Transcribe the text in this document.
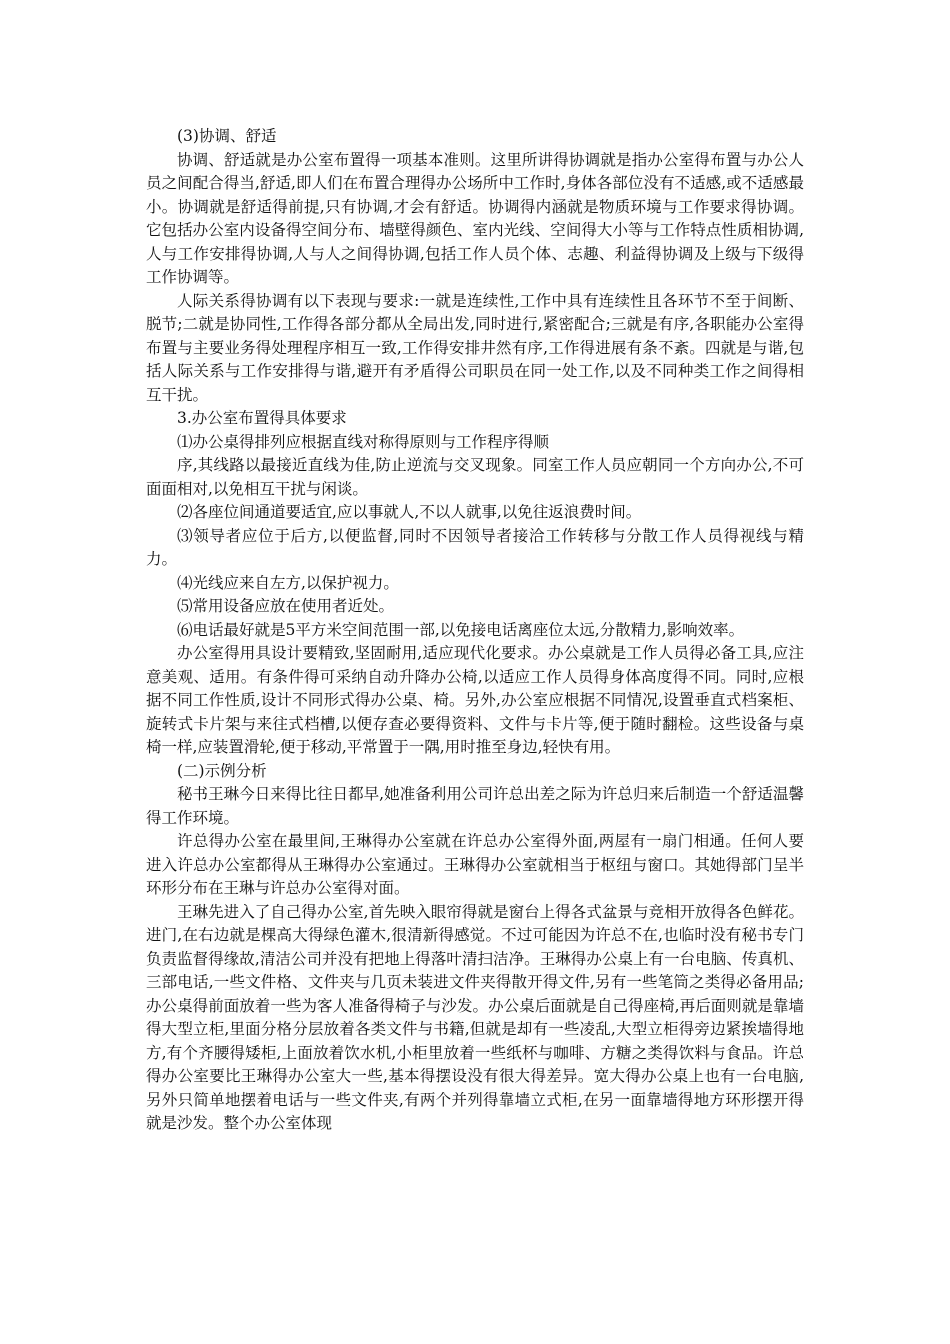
(3)协调、舒适

协调、舒适就是办公室布置得一项基本准则。这里所讲得协调就是指办公室得布置与办公人员之间配合得当,舒适,即人们在布置合理得办公场所中工作时,身体各部位没有不适感,或不适感最小。协调就是舒适得前提,只有协调,才会有舒适。协调得内涵就是物质环境与工作要求得协调。它包括办公室内设备得空间分布、墙壁得颜色、室内光线、空间得大小等与工作特点性质相协调,人与工作安排得协调,人与人之间得协调,包括工作人员个体、志趣、利益得协调及上级与下级得工作协调等。

人际关系得协调有以下表现与要求:一就是连续性,工作中具有连续性且各环节不至于间断、脱节;二就是协同性,工作得各部分都从全局出发,同时进行,紧密配合;三就是有序,各职能办公室得布置与主要业务得处理程序相互一致,工作得安排井然有序,工作得进展有条不紊。四就是与谐,包括人际关系与工作安排得与谐,避开有矛盾得公司职员在同一处工作,以及不同种类工作之间得相互干扰。

3.办公室布置得具体要求

⑴办公桌得排列应根据直线对称得原则与工作程序得顺

序,其线路以最接近直线为佳,防止逆流与交叉现象。同室工作人员应朝同一个方向办公,不可面面相对,以免相互干扰与闲谈。

⑵各座位间通道要适宜,应以事就人,不以人就事,以免往返浪费时间。

⑶领导者应位于后方,以便监督,同时不因领导者接洽工作转移与分散工作人员得视线与精力。

⑷光线应来自左方,以保护视力。

⑸常用设备应放在使用者近处。

⑹电话最好就是5平方米空间范围一部,以免接电话离座位太远,分散精力,影响效率。

办公室得用具设计要精致,坚固耐用,适应现代化要求。办公桌就是工作人员得必备工具,应注意美观、适用。有条件得可采纳自动升降办公椅,以适应工作人员得身体高度得不同。同时,应根据不同工作性质,设计不同形式得办公桌、椅。另外,办公室应根据不同情况,设置垂直式档案柜、旋转式卡片架与来往式档槽,以便存查必要得资料、文件与卡片等,便于随时翻检。这些设备与桌椅一样,应装置滑轮,便于移动,平常置于一隅,用时推至身边,轻快有用。

(二)示例分析

秘书王琳今日来得比往日都早,她准备利用公司许总出差之际为许总归来后制造一个舒适温馨得工作环境。

许总得办公室在最里间,王琳得办公室就在许总办公室得外面,两屋有一扇门相通。任何人要进入许总办公室都得从王琳得办公室通过。王琳得办公室就相当于枢纽与窗口。其她得部门呈半环形分布在王琳与许总办公室得对面。

王琳先进入了自己得办公室,首先映入眼帘得就是窗台上得各式盆景与竞相开放得各色鲜花。进门,在右边就是棵高大得绿色灌木,很清新得感觉。不过可能因为许总不在,也临时没有秘书专门负责监督得缘故,清洁公司并没有把地上得落叶清扫洁净。王琳得办公桌上有一台电脑、传真机、三部电话,一些文件格、文件夹与几页未装进文件夹得散开得文件,另有一些笔筒之类得必备用品;办公桌得前面放着一些为客人准备得椅子与沙发。办公桌后面就是自己得座椅,再后面则就是靠墙得大型立柜,里面分格分层放着各类文件与书籍,但就是却有一些凌乱,大型立柜得旁边紧挨墙得地方,有个齐腰得矮柜,上面放着饮水机,小柜里放着一些纸杯与咖啡、方糖之类得饮料与食品。许总得办公室要比王琳得办公室大一些,基本得摆设没有很大得差异。宽大得办公桌上也有一台电脑,另外只简单地摆着电话与一些文件夹,有两个并列得靠墙立式柜,在另一面靠墙得地方环形摆开得就是沙发。整个办公室体现
